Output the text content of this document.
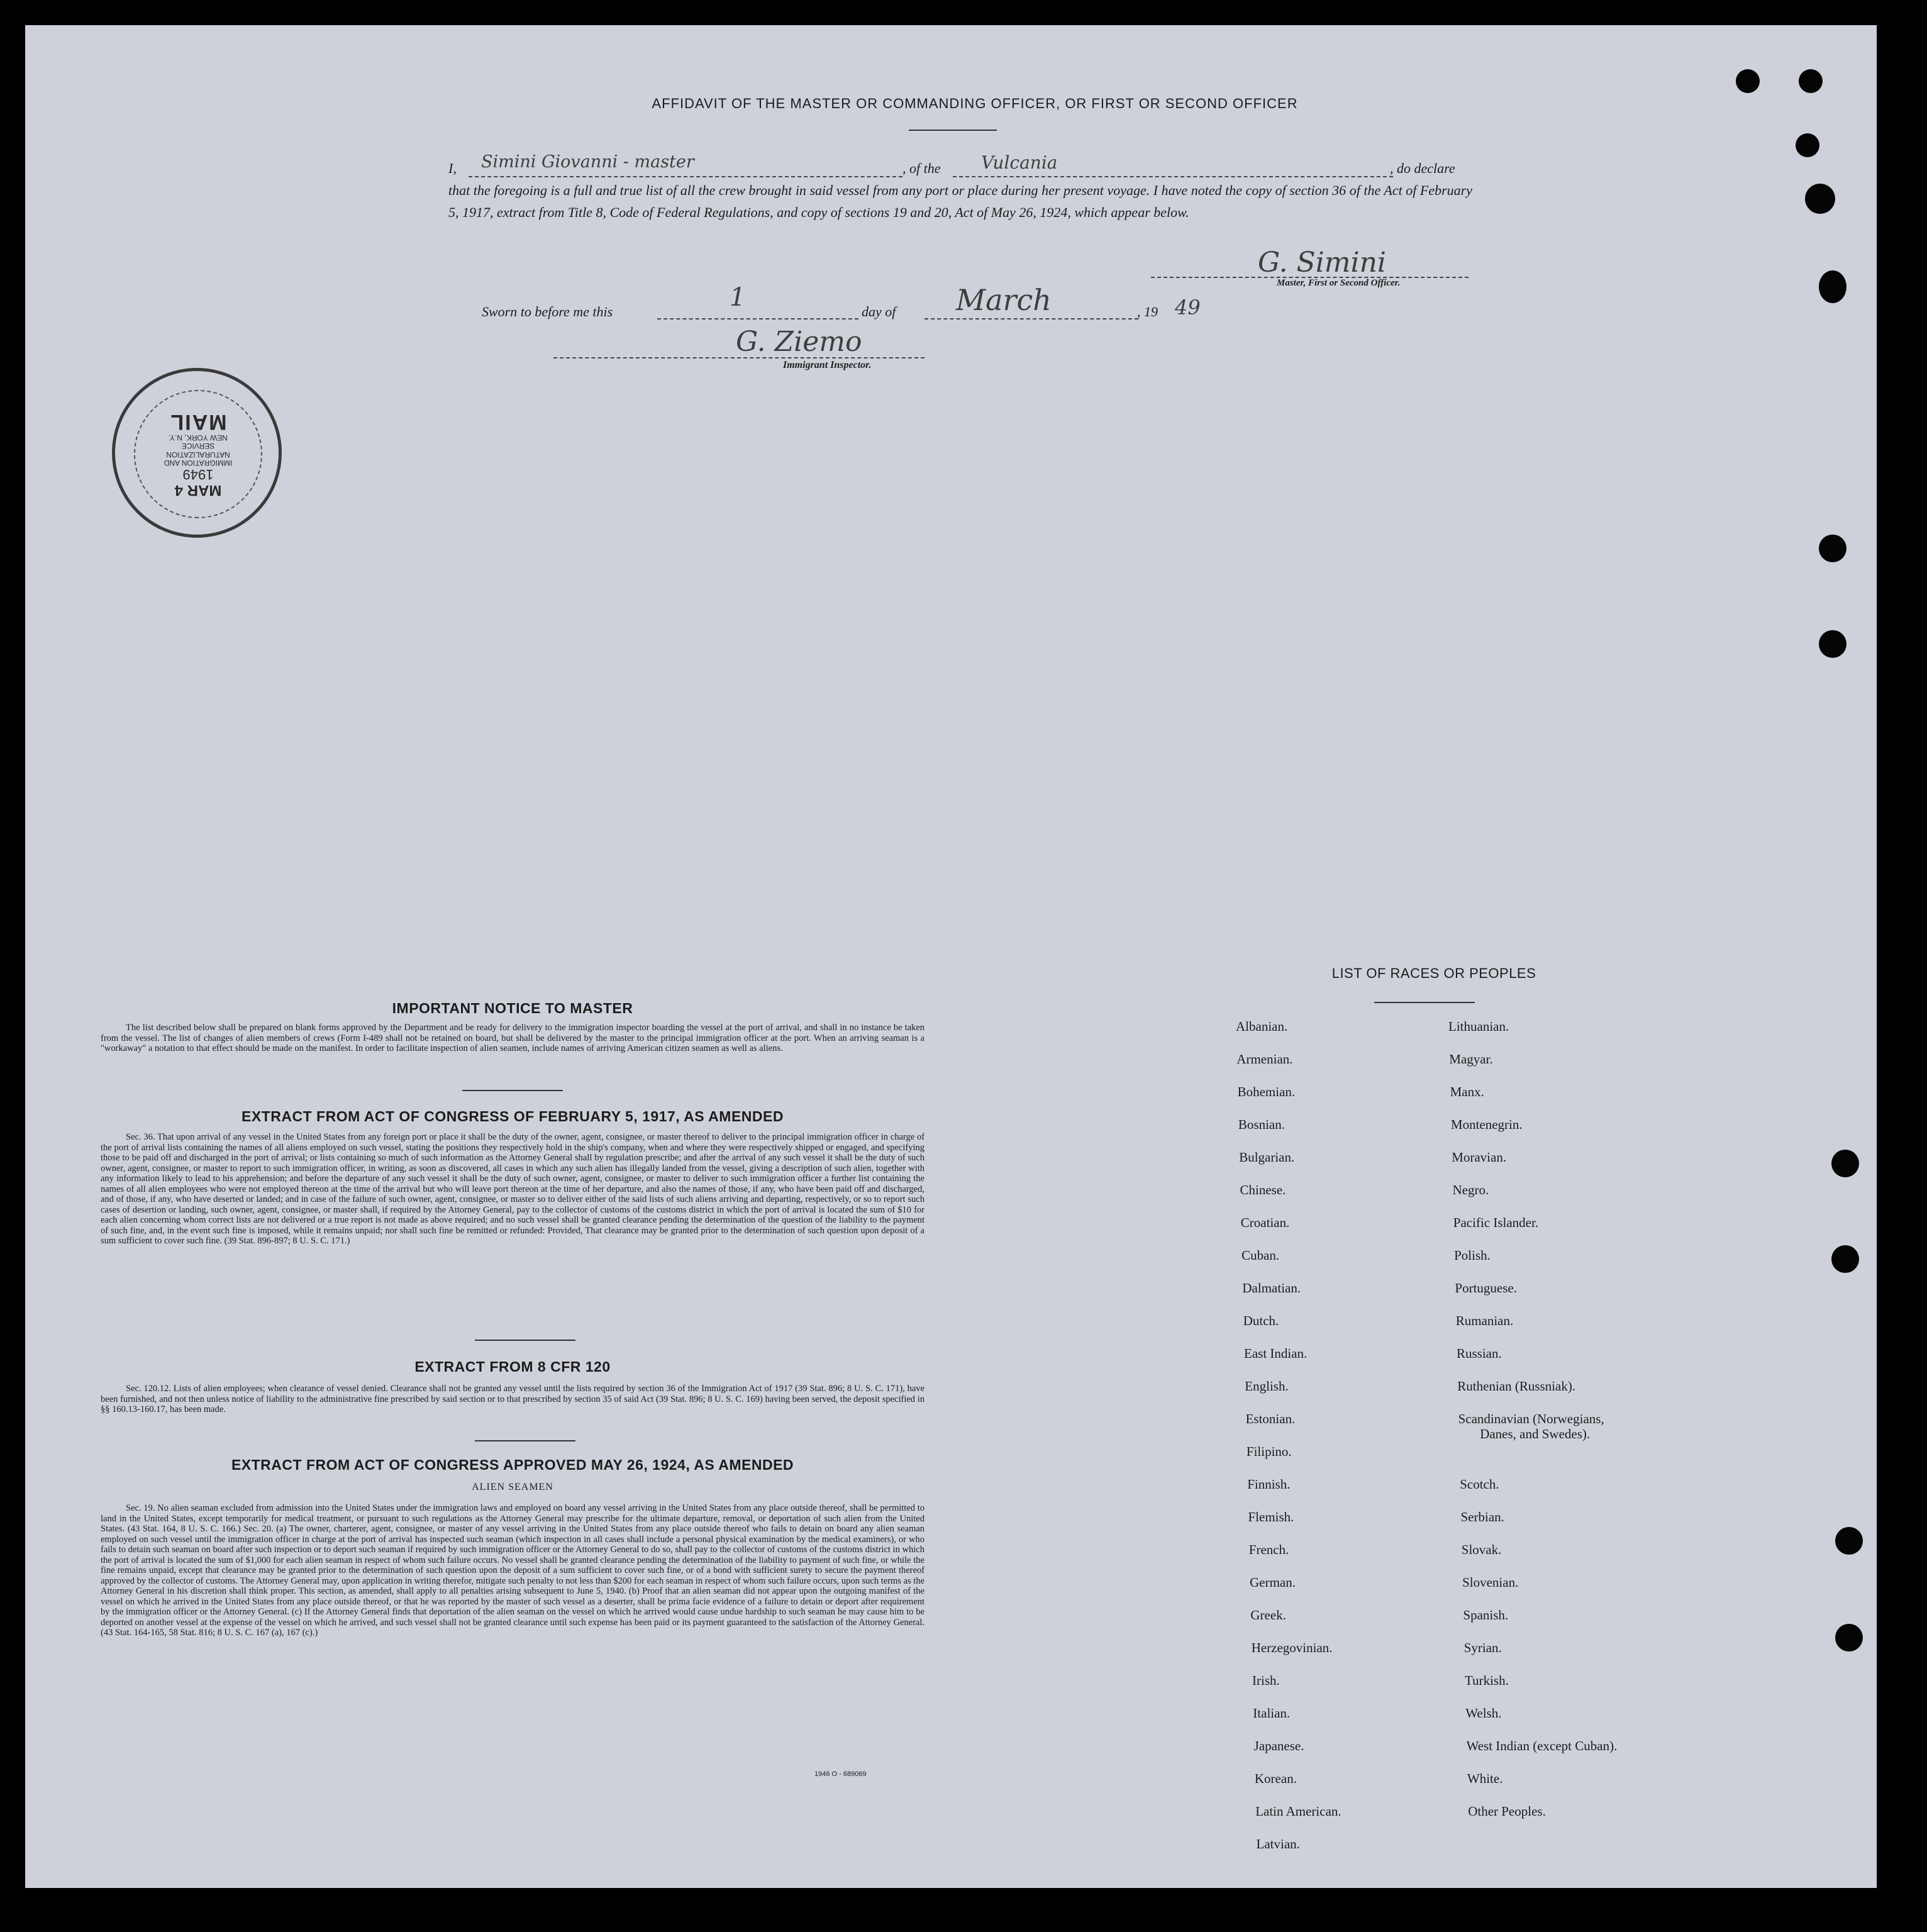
AFFIDAVIT OF THE MASTER OR COMMANDING OFFICER, OR FIRST OR SECOND OFFICER
I,	Simini Giovanni - master	, of the	Vulcania	, do declare
that the foregoing is a full and true list of all the crew brought in said vessel from any port or place during her present voyage. I have noted the copy of section 36 of the Act of February 5, 1917, extract from Title 8, Code of Federal Regulations, and copy of sections 19 and 20, Act of May 26, 1924, which appear below.
G. Simini
Master, First or Second Officer.
Sworn to before me this	1	day of	March	, 19 49
G. Ziemo
Immigrant Inspector.
MAR 4
1949
IMMIGRATION AND
NATURALIZATION
SERVICE
NEW YORK, N.Y.
MAIL
IMPORTANT NOTICE TO MASTER
The list described below shall be prepared on blank forms approved by the Department and be ready for delivery to the immigration inspector boarding the vessel at the port of arrival, and shall in no instance be taken from the vessel. The list of changes of alien members of crews (Form I-489 shall not be retained on board, but shall be delivered by the master to the principal immigration officer at the port. When an arriving seaman is a "workaway" a notation to that effect should be made on the manifest. In order to facilitate inspection of alien seamen, include names of arriving American citizen seamen as well as aliens.
EXTRACT FROM ACT OF CONGRESS OF FEBRUARY 5, 1917, AS AMENDED
Sec. 36. That upon arrival of any vessel in the United States from any foreign port or place it shall be the duty of the owner, agent, consignee, or master thereof to deliver to the principal immigration officer in charge of the port of arrival lists containing the names of all aliens employed on such vessel, stating the positions they respectively hold in the ship's company, when and where they were respectively shipped or engaged, and specifying those to be paid off and discharged in the port of arrival; or lists containing so much of such information as the Attorney General shall by regulation prescribe; and after the arrival of any such vessel it shall be the duty of such owner, agent, consignee, or master to report to such immigration officer, in writing, as soon as discovered, all cases in which any such alien has illegally landed from the vessel, giving a description of such alien, together with any information likely to lead to his apprehension; and before the departure of any such vessel it shall be the duty of such owner, agent, consignee, or master to deliver to such immigration officer a further list containing the names of all alien employees who were not employed thereon at the time of the arrival but who will leave port thereon at the time of her departure, and also the names of those, if any, who have been paid off and discharged, and of those, if any, who have deserted or landed; and in case of the failure of such owner, agent, consignee, or master so to deliver either of the said lists of such aliens arriving and departing, respectively, or so to report such cases of desertion or landing, such owner, agent, consignee, or master shall, if required by the Attorney General, pay to the collector of customs of the customs district in which the port of arrival is located the sum of $10 for each alien concerning whom correct lists are not delivered or a true report is not made as above required; and no such vessel shall be granted clearance pending the determination of the question of the liability to the payment of such fine, and, in the event such fine is imposed, while it remains unpaid; nor shall such fine be remitted or refunded: Provided, That clearance may be granted prior to the determination of such question upon deposit of a sum sufficient to cover such fine. (39 Stat. 896-897; 8 U. S. C. 171.)
EXTRACT FROM 8 CFR 120
Sec. 120.12. Lists of alien employees; when clearance of vessel denied. Clearance shall not be granted any vessel until the lists required by section 36 of the Immigration Act of 1917 (39 Stat. 896; 8 U. S. C. 171), have been furnished, and not then unless notice of liability to the administrative fine prescribed by said section or to that prescribed by section 35 of said Act (39 Stat. 896; 8 U. S. C. 169) having been served, the deposit specified in §§ 160.13-160.17, has been made.
EXTRACT FROM ACT OF CONGRESS APPROVED MAY 26, 1924, AS AMENDED
ALIEN SEAMEN
Sec. 19. No alien seaman excluded from admission into the United States under the immigration laws and employed on board any vessel arriving in the United States from any place outside thereof, shall be permitted to land in the United States, except temporarily for medical treatment, or pursuant to such regulations as the Attorney General may prescribe for the ultimate departure, removal, or deportation of such alien from the United States. (43 Stat. 164, 8 U. S. C. 166.) Sec. 20. (a) The owner, charterer, agent, consignee, or master of any vessel arriving in the United States from any place outside thereof who fails to detain on board any alien seaman employed on such vessel until the immigration officer in charge at the port of arrival has inspected such seaman (which inspection in all cases shall include a personal physical examination by the medical examiners), or who fails to detain such seaman on board after such inspection or to deport such seaman if required by such immigration officer or the Attorney General to do so, shall pay to the collector of customs of the customs district in which the port of arrival is located the sum of $1,000 for each alien seaman in respect of whom such failure occurs. No vessel shall be granted clearance pending the determination of the liability to payment of such fine, or while the fine remains unpaid, except that clearance may be granted prior to the determination of such question upon the deposit of a sum sufficient to cover such fine, or of a bond with sufficient surety to secure the payment thereof approved by the collector of customs. The Attorney General may, upon application in writing therefor, mitigate such penalty to not less than $200 for each seaman in respect of whom such failure occurs, upon such terms as the Attorney General in his discretion shall think proper. This section, as amended, shall apply to all penalties arising subsequent to June 5, 1940. (b) Proof that an alien seaman did not appear upon the outgoing manifest of the vessel on which he arrived in the United States from any place outside thereof, or that he was reported by the master of such vessel as a deserter, shall be prima facie evidence of a failure to detain or deport after requirement by the immigration officer or the Attorney General. (c) If the Attorney General finds that deportation of the alien seaman on the vessel on which he arrived would cause undue hardship to such seaman he may cause him to be deported on another vessel at the expense of the vessel on which he arrived, and such vessel shall not be granted clearance until such expense has been paid or its payment guaranteed to the satisfaction of the Attorney General. (43 Stat. 164-165, 58 Stat. 816; 8 U. S. C. 167 (a), 167 (c).)
1946 O - 689069
LIST OF RACES OR PEOPLES
Albanian.
Armenian.
Bohemian.
Bosnian.
Bulgarian.
Chinese.
Croatian.
Cuban.
Dalmatian.
Dutch.
East Indian.
English.
Estonian.
Filipino.
Finnish.
Flemish.
French.
German.
Greek.
Herzegovinian.
Irish.
Italian.
Japanese.
Korean.
Latin American.
Latvian.
Lithuanian.
Magyar.
Manx.
Montenegrin.
Moravian.
Negro.
Pacific Islander.
Polish.
Portuguese.
Rumanian.
Russian.
Ruthenian (Russniak).
Scandinavian (Norwegians,
Danes, and Swedes).
Scotch.
Serbian.
Slovak.
Slovenian.
Spanish.
Syrian.
Turkish.
Welsh.
West Indian (except Cuban).
White.
Other Peoples.
